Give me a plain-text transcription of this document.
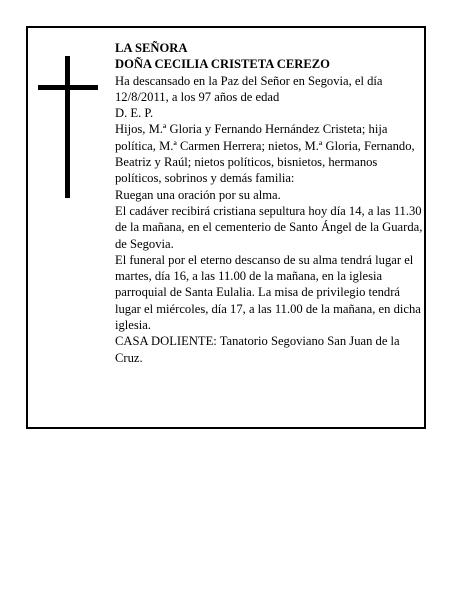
LA SEÑORA

DOÑA CECILIA CRISTETA CEREZO

Ha descansado en la Paz del Señor en Segovia, el día 12/8/2011, a los 97 años de edad

D. E. P.

Hijos, M.ª Gloria y Fernando Hernández Cristeta; hija política, M.ª Carmen Herrera; nietos, M.ª Gloria, Fernando, Beatriz y Raúl; nietos políticos, bisnietos, hermanos políticos, sobrinos y demás familia:

Ruegan una oración por su alma.

El cadáver recibirá cristiana sepultura hoy día 14, a las 11.30 de la mañana, en el cementerio de Santo Ángel de la Guarda, de Segovia.

El funeral por el eterno descanso de su alma tendrá lugar el martes, día 16, a las 11.00 de la mañana, en la iglesia parroquial de Santa Eulalia. La misa de privilegio tendrá lugar el miércoles, día 17, a las 11.00 de la mañana, en dicha iglesia.

CASA DOLIENTE: Tanatorio Segoviano San Juan de la Cruz.
